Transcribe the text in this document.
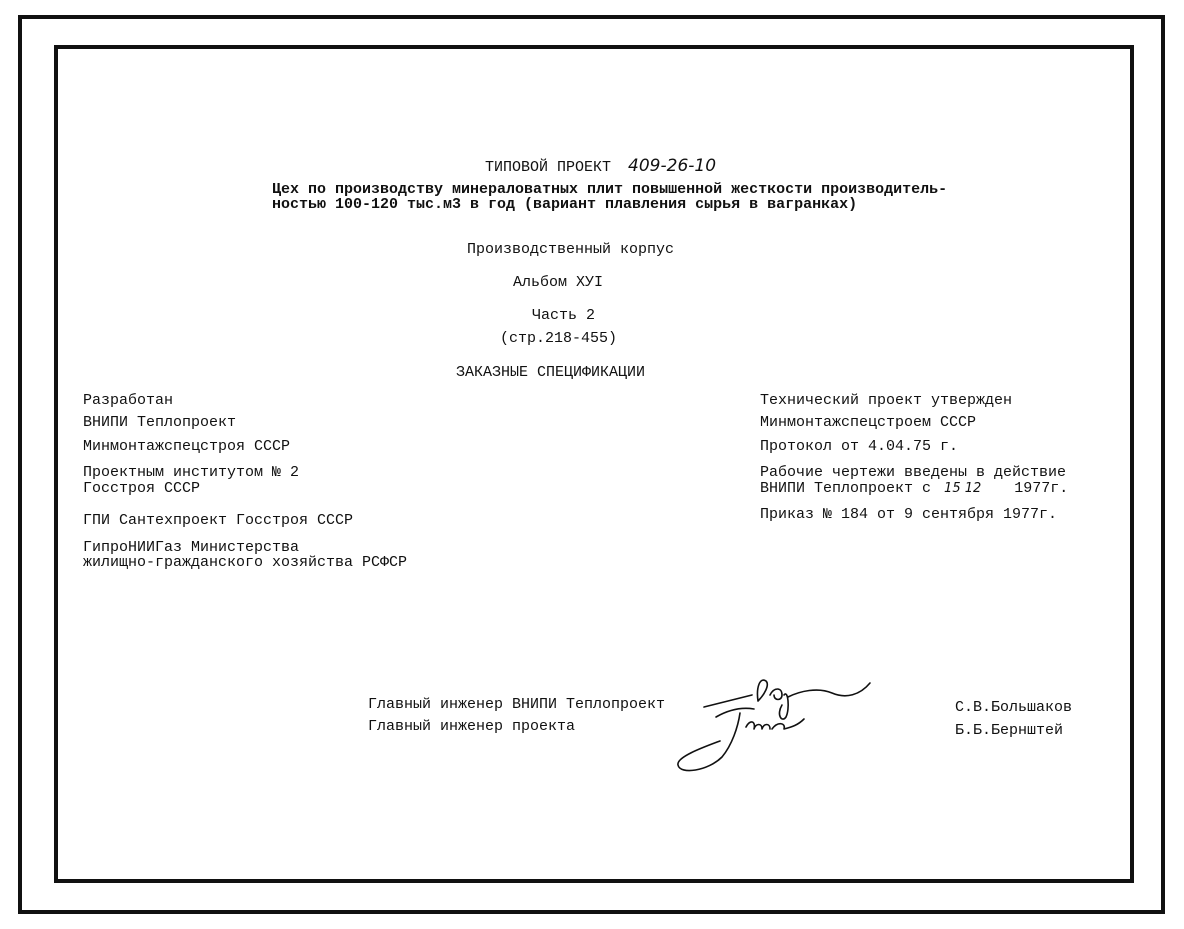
ТИПОВОЙ ПРОЕКТ 409-26-10
Цех по производству минераловатных плит повышенной жесткости производитель-
ностью 100-120 тыс.м3 в год (вариант плавления сырья в вагранках)
Производственный корпус
Альбом ХУI
Часть 2
(стр.218-455)
ЗАКАЗНЫЕ СПЕЦИФИКАЦИИ
Разработан
ВНИПИ Теплопроект
Минмонтажспецстроя СССР
Проектным институтом № 2
Госстроя СССР
ГПИ Сантехпроект Госстроя СССР
ГипроНИИГаз Министерства
жилищно-гражданского хозяйства РСФСР
Технический проект утвержден
Минмонтажспецстроем СССР
Протокол от 4.04.75 г.
Рабочие чертежи введены в действие
ВНИПИ Теплопроект с 15 12 1977г.
Приказ № 184 от 9 сентября 1977г.
Главный инженер ВНИПИ Теплопроект
Главный инженер проекта
С.В.Большаков
Б.Б.Бернштей
